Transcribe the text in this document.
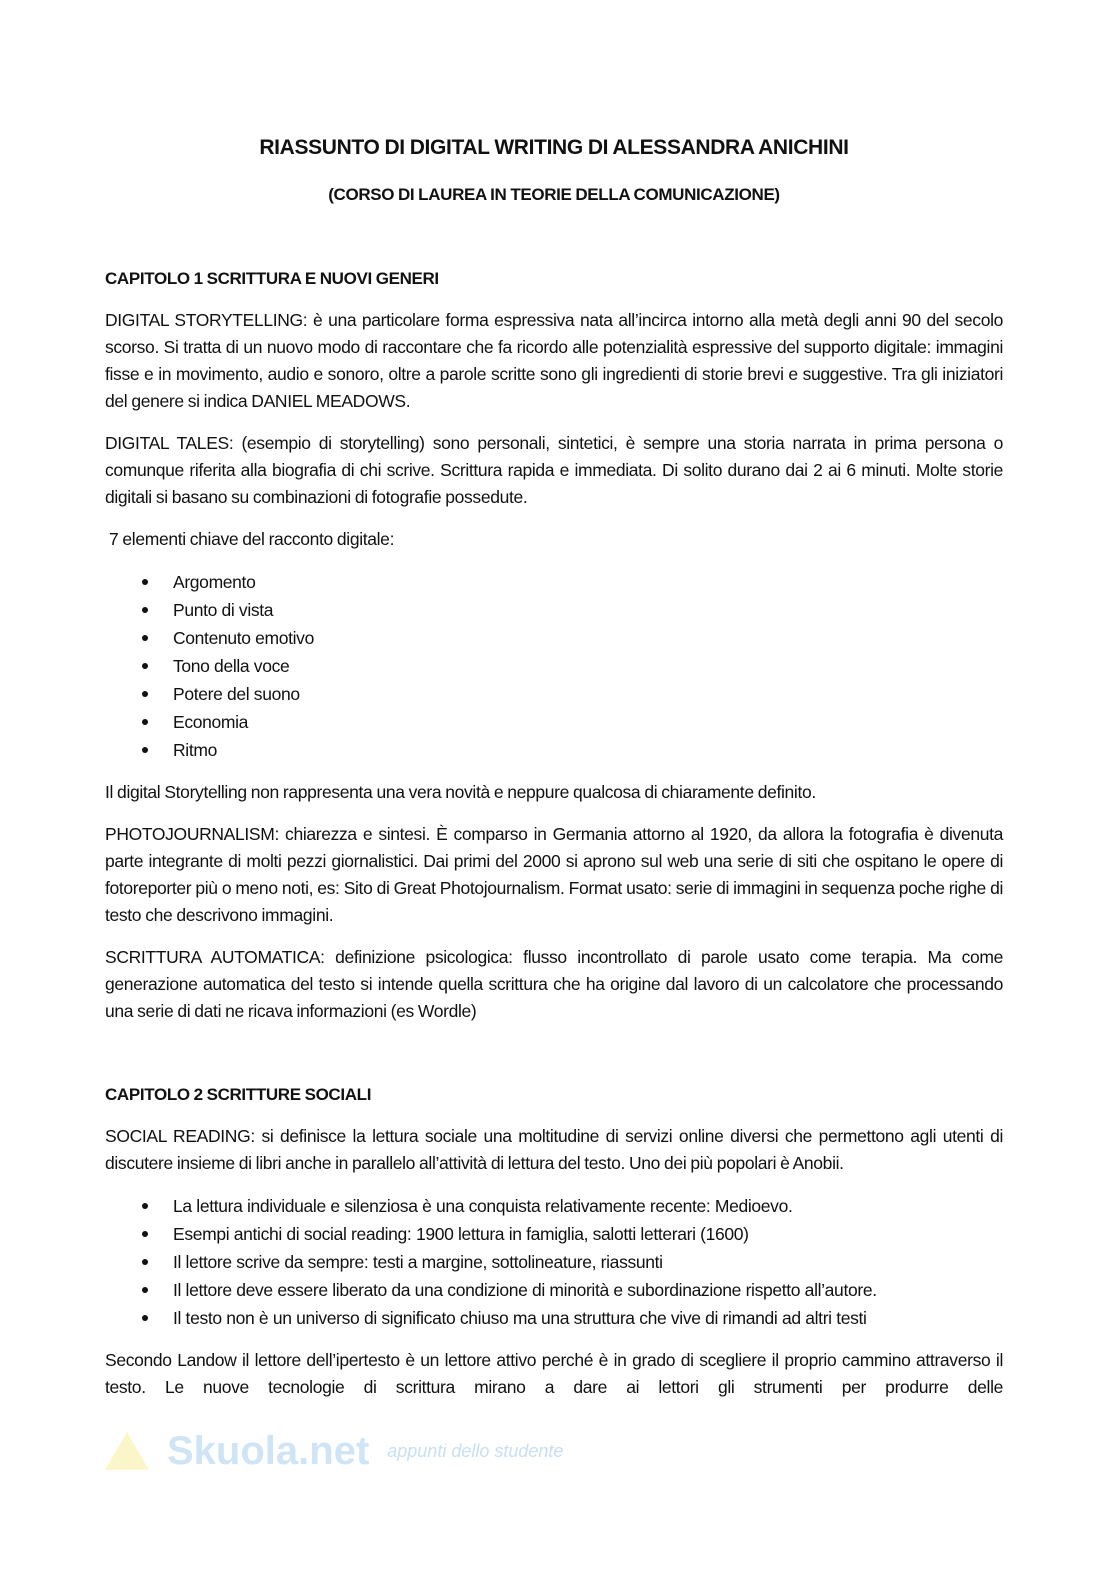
RIASSUNTO DI DIGITAL WRITING DI ALESSANDRA ANICHINI
(CORSO DI LAUREA IN TEORIE DELLA COMUNICAZIONE)
CAPITOLO 1 SCRITTURA E NUOVI GENERI
DIGITAL STORYTELLING: è una particolare forma espressiva nata all’incirca intorno alla metà degli anni 90 del secolo scorso. Si tratta di un nuovo modo di raccontare che fa ricordo alle potenzialità espressive del supporto digitale: immagini fisse e in movimento, audio e sonoro, oltre a parole scritte sono gli ingredienti di storie brevi e suggestive. Tra gli iniziatori del genere si indica DANIEL MEADOWS.
DIGITAL TALES: (esempio di storytelling) sono personali, sintetici, è sempre una storia narrata in prima persona o comunque riferita alla biografia di chi scrive. Scrittura rapida e immediata. Di solito durano dai 2 ai 6 minuti. Molte storie digitali si basano su combinazioni di fotografie possedute.
7 elementi chiave del racconto digitale:
Argomento
Punto di vista
Contenuto emotivo
Tono della voce
Potere del suono
Economia
Ritmo
Il digital Storytelling non rappresenta una vera novità e neppure qualcosa di chiaramente definito.
PHOTOJOURNALISM: chiarezza e sintesi. È comparso in Germania attorno al 1920, da allora la fotografia è divenuta parte integrante di molti pezzi giornalistici. Dai primi del 2000 si aprono sul web una serie di siti che ospitano le opere di fotoreporter più o meno noti, es: Sito di Great Photojournalism. Format usato: serie di immagini in sequenza poche righe di testo che descrivono immagini.
SCRITTURA AUTOMATICA: definizione psicologica: flusso incontrollato di parole usato come terapia. Ma come generazione automatica del testo si intende quella scrittura che ha origine dal lavoro di un calcolatore che processando una serie di dati ne ricava informazioni (es Wordle)
CAPITOLO 2 SCRITTURE SOCIALI
SOCIAL READING: si definisce la lettura sociale una moltitudine di servizi online diversi che permettono agli utenti di discutere insieme di libri anche in parallelo all’attività di lettura del testo. Uno dei più popolari è Anobii.
La lettura individuale e silenziosa è una conquista relativamente recente: Medioevo.
Esempi antichi di social reading: 1900 lettura in famiglia, salotti letterari (1600)
Il lettore scrive da sempre: testi a margine, sottolineature, riassunti
Il lettore deve essere liberato da una condizione di minorità e subordinazione rispetto all’autore.
Il testo non è un universo di significato chiuso ma una struttura che vive di rimandi ad altri testi
Secondo Landow il lettore dell’ipertesto è un lettore attivo perché è in grado di scegliere il proprio cammino attraverso il testo. Le nuove tecnologie di scrittura mirano a dare ai lettori gli strumenti per produrre delle
Skuola.net appunti dello studente
